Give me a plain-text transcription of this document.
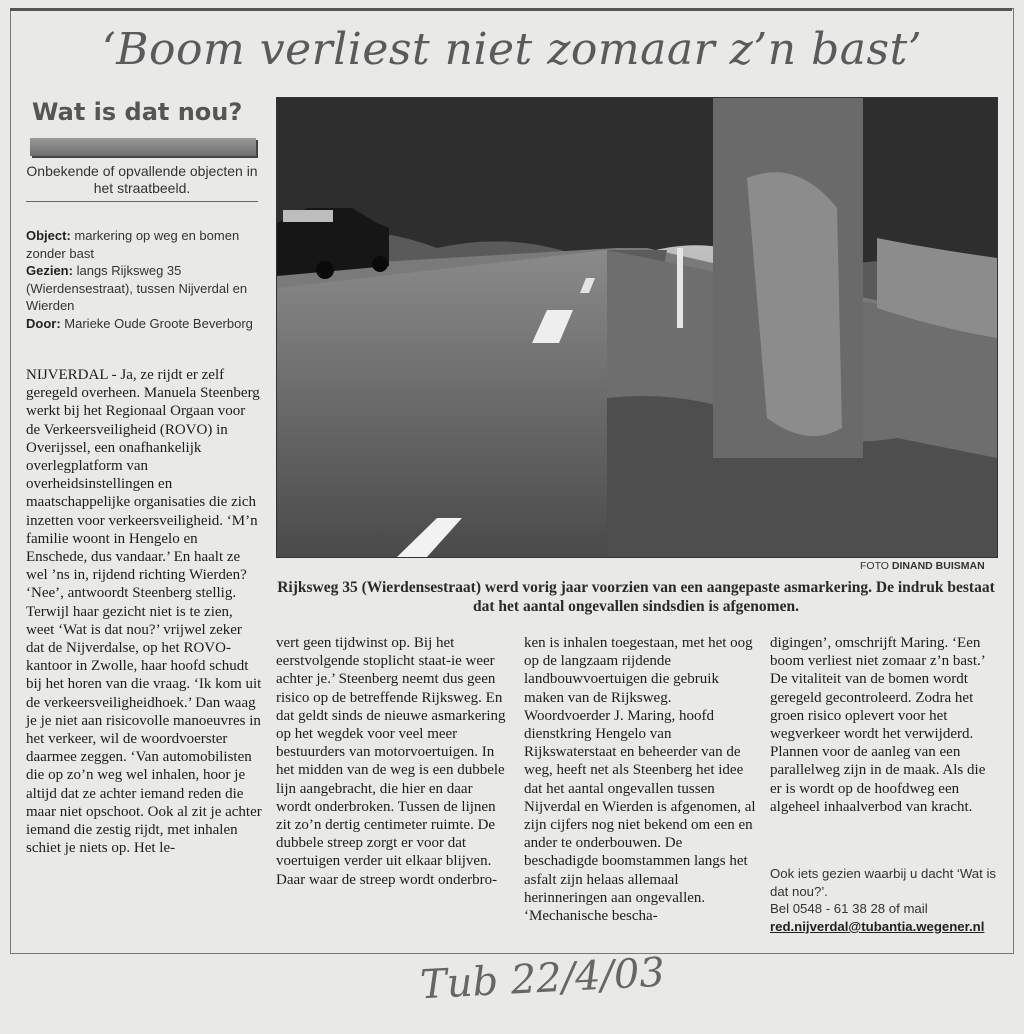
‘Boom verliest niet zomaar z’n bast’
Wat is dat nou?
Onbekende of opvallende objecten in het straatbeeld.
Object: markering op weg en bomen zonder bast
Gezien: langs Rijksweg 35 (Wierdensestraat), tussen Nijverdal en Wierden
Door: Marieke Oude Groote Beverborg
NIJVERDAL - Ja, ze rijdt er zelf geregeld overheen. Manuela Steenberg werkt bij het Regionaal Orgaan voor de Verkeersveiligheid (ROVO) in Overijssel, een onafhankelijk overlegplatform van overheidsinstellingen en maatschappelijke organisaties die zich inzetten voor verkeersveiligheid. ‘M’n familie woont in Hengelo en Enschede, dus vandaar.’ En haalt ze wel ’ns in, rijdend richting Wierden? ‘Nee’, antwoordt Steenberg stellig. Terwijl haar gezicht niet is te zien, weet ‘Wat is dat nou?’ vrijwel zeker dat de Nijverdalse, op het ROVO-kantoor in Zwolle, haar hoofd schudt bij het horen van die vraag. ‘Ik kom uit de verkeersveiligheidhoek.’ Dan waag je je niet aan risicovolle manoeuvres in het verkeer, wil de woordvoerster daarmee zeggen. ‘Van automobilisten die op zo’n weg wel inhalen, hoor je altijd dat ze achter iemand reden die maar niet opschoot. Ook al zit je achter iemand die zestig rijdt, met inhalen schiet je niets op. Het le-
FOTO DINAND BUISMAN
Rijksweg 35 (Wierdensestraat) werd vorig jaar voorzien van een aangepaste asmarkering. De indruk bestaat dat het aantal ongevallen sindsdien is afgenomen.
vert geen tijdwinst op. Bij het eerstvolgende stoplicht staat-ie weer achter je.’ Steenberg neemt dus geen risico op de betreffende Rijksweg. En dat geldt sinds de nieuwe asmarkering op het wegdek voor veel meer bestuurders van motorvoertuigen. In het midden van de weg is een dubbele lijn aangebracht, die hier en daar wordt onderbroken. Tussen de lijnen zit zo’n dertig centimeter ruimte. De dubbele streep zorgt er voor dat voertuigen verder uit elkaar blijven. Daar waar de streep wordt onderbro-
ken is inhalen toegestaan, met het oog op de langzaam rijdende landbouwvoertuigen die gebruik maken van de Rijksweg. Woordvoerder J. Maring, hoofd dienstkring Hengelo van Rijkswaterstaat en beheerder van de weg, heeft net als Steenberg het idee dat het aantal ongevallen tussen Nijverdal en Wierden is afgenomen, al zijn cijfers nog niet bekend om een en ander te onderbouwen. De beschadigde boomstammen langs het asfalt zijn helaas allemaal herinneringen aan ongevallen. ‘Mechanische bescha-
digingen’, omschrijft Maring. ‘Een boom verliest niet zomaar z’n bast.’ De vitaliteit van de bomen wordt geregeld gecontroleerd. Zodra het groen risico oplevert voor het wegverkeer wordt het verwijderd. Plannen voor de aanleg van een parallelweg zijn in de maak. Als die er is wordt op de hoofdweg een algeheel inhaalverbod van kracht.
Ook iets gezien waarbij u dacht ‘Wat is dat nou?’.
Bel 0548 - 61 38 28 of mail
red.nijverdal@tubantia.wegener.nl
Tub 22/4/03
